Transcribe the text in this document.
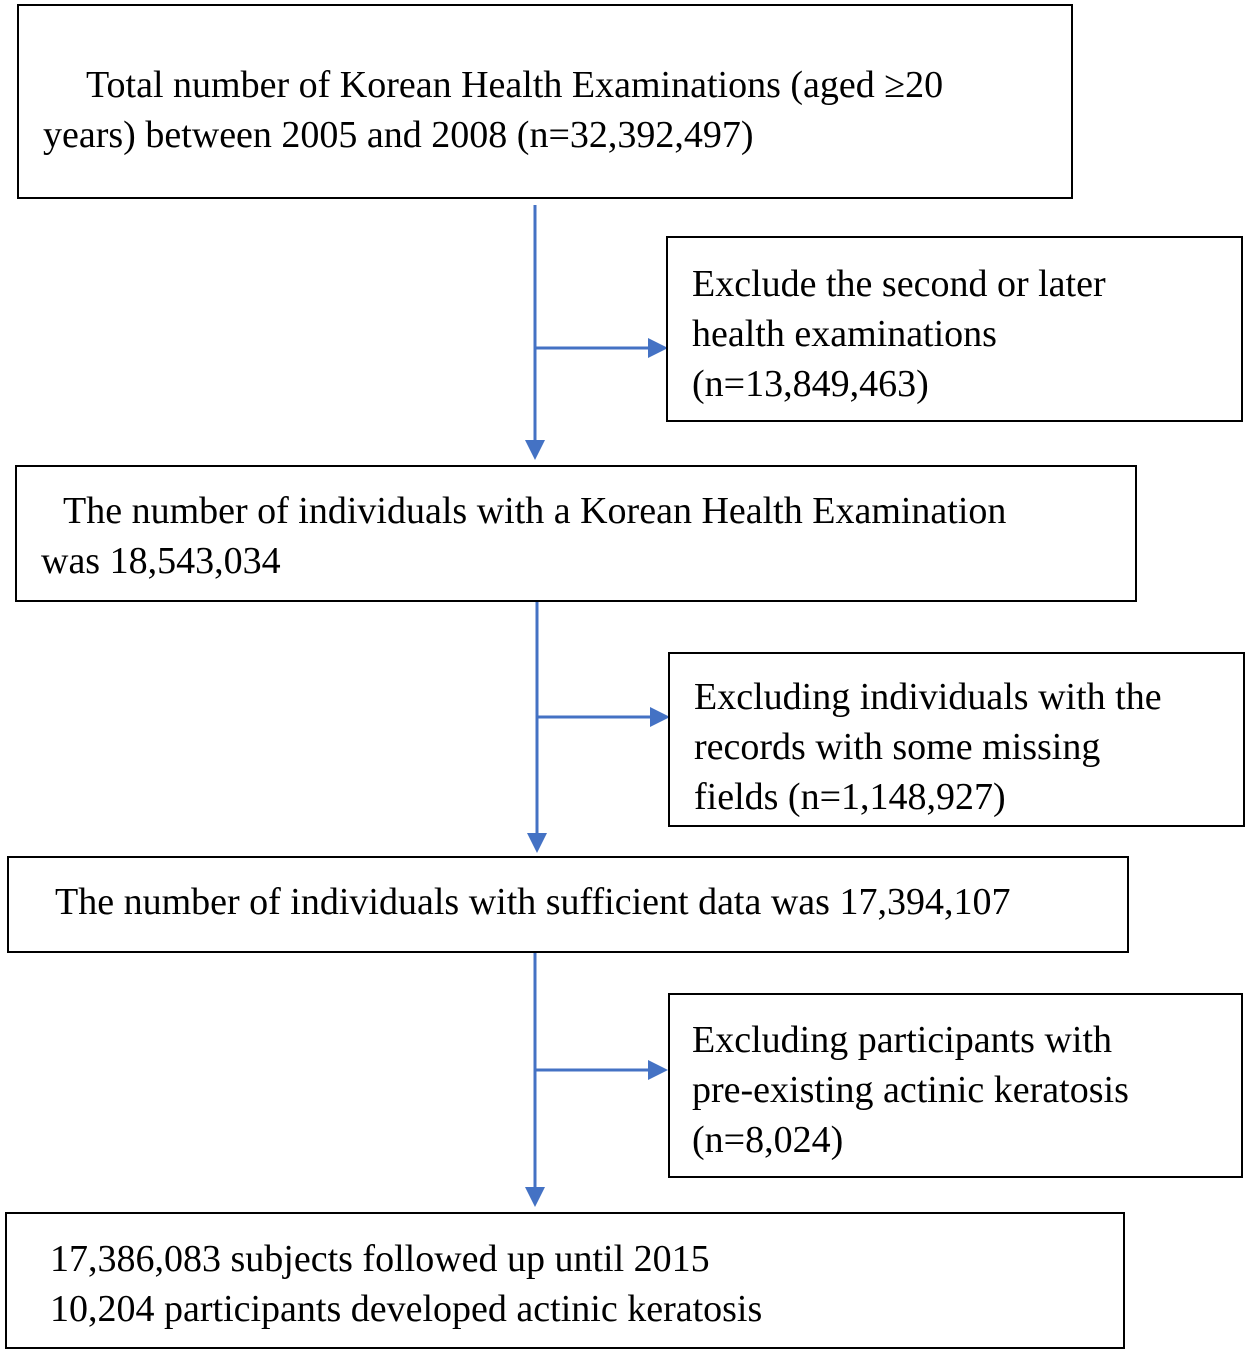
Total number of Korean Health Examinations (aged ≥20
years) between 2005 and 2008 (n=32,392,497)
Exclude the second or later
health examinations
(n=13,849,463)
The number of individuals with a Korean Health Examination
was 18,543,034
Excluding individuals with the
records with some missing
fields (n=1,148,927)
The number of individuals with sufficient data was 17,394,107
Excluding participants with
pre-existing actinic keratosis
(n=8,024)
17,386,083 subjects followed up until 2015
10,204 participants developed actinic keratosis
